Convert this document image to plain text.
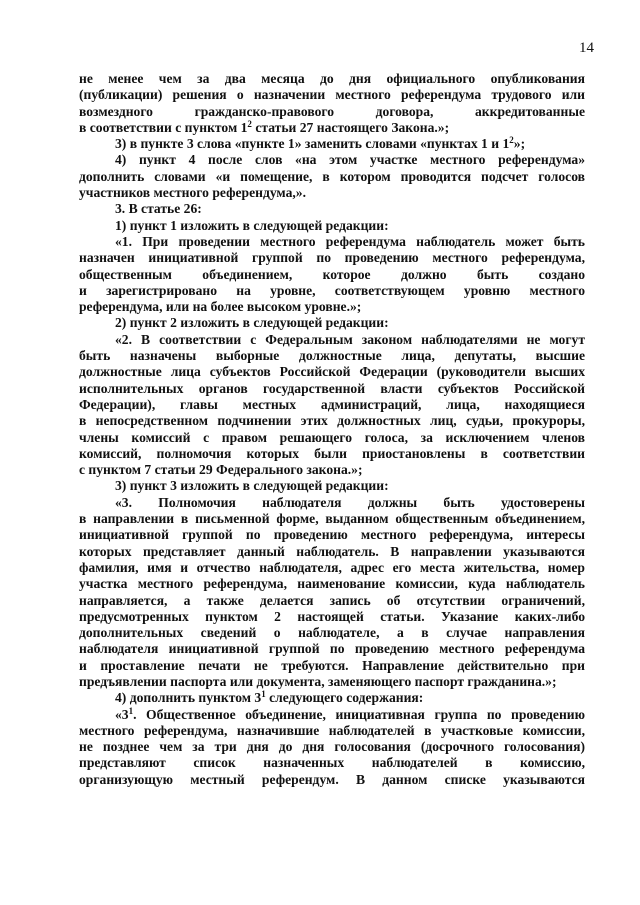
14
не менее чем за два месяца до дня официального опубликования
(публикации) решения о назначении местного референдума трудового или
возмездного гражданско-правового договора, аккредитованные
в соответствии с пунктом $1^2$ статьи 27 настоящего Закона.»;
3) в пункте 3 слова «пункте 1» заменить словами «пунктах 1 и $1^2$»;
4) пункт 4 после слов «на этом участке местного референдума»
дополнить словами «и помещение, в котором проводится подсчет голосов
участников местного референдума,».
3. В статье 26:
1) пункт 1 изложить в следующей редакции:
«1. При проведении местного референдума наблюдатель может быть
назначен инициативной группой по проведению местного референдума,
общественным объединением, которое должно быть создано
и зарегистрировано на уровне, соответствующем уровню местного
референдума, или на более высоком уровне.»;
2) пункт 2 изложить в следующей редакции:
«2. В соответствии с Федеральным законом наблюдателями не могут
быть назначены выборные должностные лица, депутаты, высшие
должностные лица субъектов Российской Федерации (руководители высших
исполнительных органов государственной власти субъектов Российской
Федерации), главы местных администраций, лица, находящиеся
в непосредственном подчинении этих должностных лиц, судьи, прокуроры,
члены комиссий с правом решающего голоса, за исключением членов
комиссий, полномочия которых были приостановлены в соответствии
с пунктом 7 статьи 29 Федерального закона.»;
3) пункт 3 изложить в следующей редакции:
«3. Полномочия наблюдателя должны быть удостоверены
в направлении в письменной форме, выданном общественным объединением,
инициативной группой по проведению местного референдума, интересы
которых представляет данный наблюдатель. В направлении указываются
фамилия, имя и отчество наблюдателя, адрес его места жительства, номер
участка местного референдума, наименование комиссии, куда наблюдатель
направляется, а также делается запись об отсутствии ограничений,
предусмотренных пунктом 2 настоящей статьи. Указание каких-либо
дополнительных сведений о наблюдателе, а в случае направления
наблюдателя инициативной группой по проведению местного референдума
и проставление печати не требуются. Направление действительно при
предъявлении паспорта или документа, заменяющего паспорт гражданина.»;
4) дополнить пунктом $3^1$ следующего содержания:
«$3^1$. Общественное объединение, инициативная группа по проведению
местного референдума, назначившие наблюдателей в участковые комиссии,
не позднее чем за три дня до дня голосования (досрочного голосования)
представляют список назначенных наблюдателей в комиссию,
организующую местный референдум. В данном списке указываются
